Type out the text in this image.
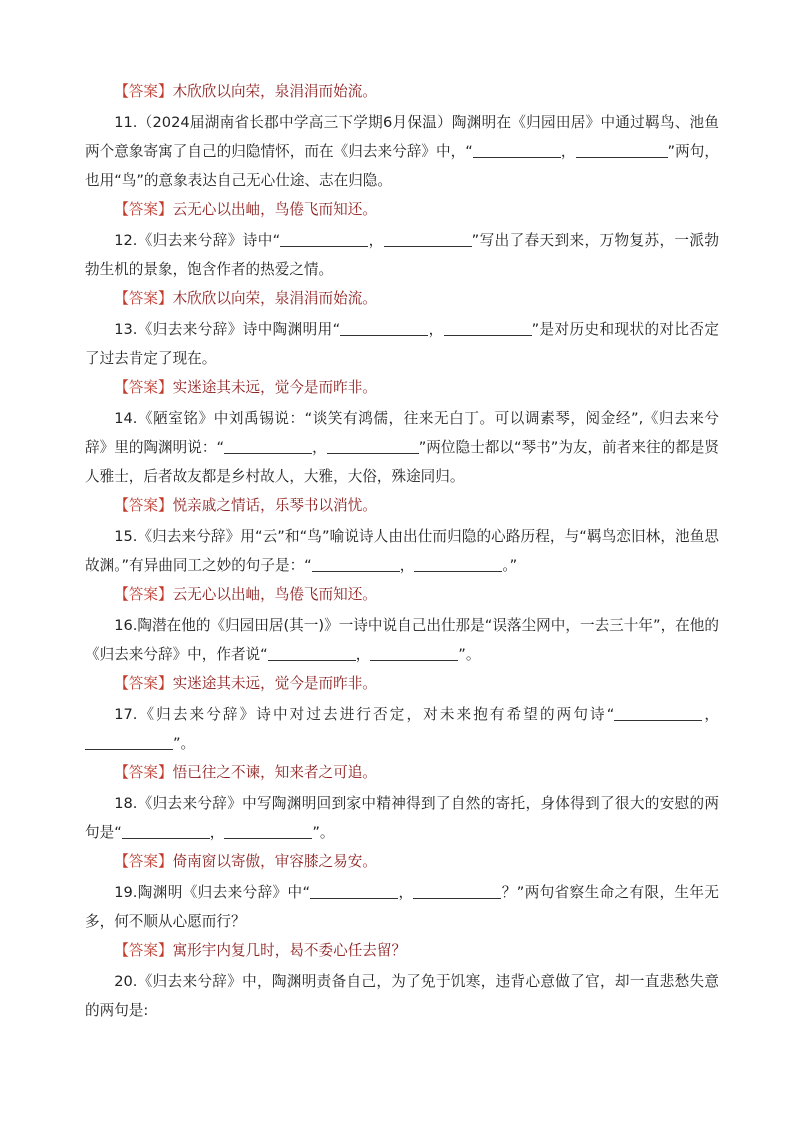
【答案】木欣欣以向荣，泉涓涓而始流。

11.（2024届湖南省长郡中学高三下学期6月保温）陶渊明在《归园田居》中通过羁鸟、池鱼两个意象寄寓了自己的归隐情怀，而在《归去来兮辞》中，“	，	”两句，也用“鸟”的意象表达自己无心仕途、志在归隐。

【答案】云无心以出岫，鸟倦飞而知还。

12.《归去来兮辞》诗中“	，	”写出了春天到来，万物复苏，一派勃勃生机的景象，饱含作者的热爱之情。

【答案】木欣欣以向荣，泉涓涓而始流。

13.《归去来兮辞》诗中陶渊明用“	，	”是对历史和现状的对比否定了过去肯定了现在。

【答案】实迷途其未远，觉今是而昨非。

14.《陋室铭》中刘禹锡说：“谈笑有鸿儒，往来无白丁。可以调素琴，阅金经”,《归去来兮辞》里的陶渊明说：“	，	”两位隐士都以“琴书”为友，前者来往的都是贤人雅士，后者故友都是乡村故人，大雅，大俗，殊途同归。

【答案】悦亲戚之情话，乐琴书以消忧。

15.《归去来兮辞》用“云”和“鸟”喻说诗人由出仕而归隐的心路历程，与“羁鸟恋旧林，池鱼思故渊。”有异曲同工之妙的句子是：“	，	。”

【答案】云无心以出岫，鸟倦飞而知还。

16.陶潜在他的《归园田居(其一)》一诗中说自己出仕那是“误落尘网中，一去三十年”，在他的《归去来兮辞》中，作者说“	，	”。

【答案】实迷途其未远，觉今是而昨非。

17.《归去来兮辞》诗中对过去进行否定，对未来抱有希望的两句诗“	，”。

【答案】悟已往之不谏，知来者之可追。

18.《归去来兮辞》中写陶渊明回到家中精神得到了自然的寄托，身体得到了很大的安慰的两句是“	，	”。

【答案】倚南窗以寄傲，审容膝之易安。

19.陶渊明《归去来兮辞》中“	，	？”两句省察生命之有限，生年无多，何不顺从心愿而行？

【答案】寓形宇内复几时，曷不委心任去留？

20.《归去来兮辞》中，陶渊明责备自己，为了免于饥寒，违背心意做了官，却一直悲愁失意的两句是:
